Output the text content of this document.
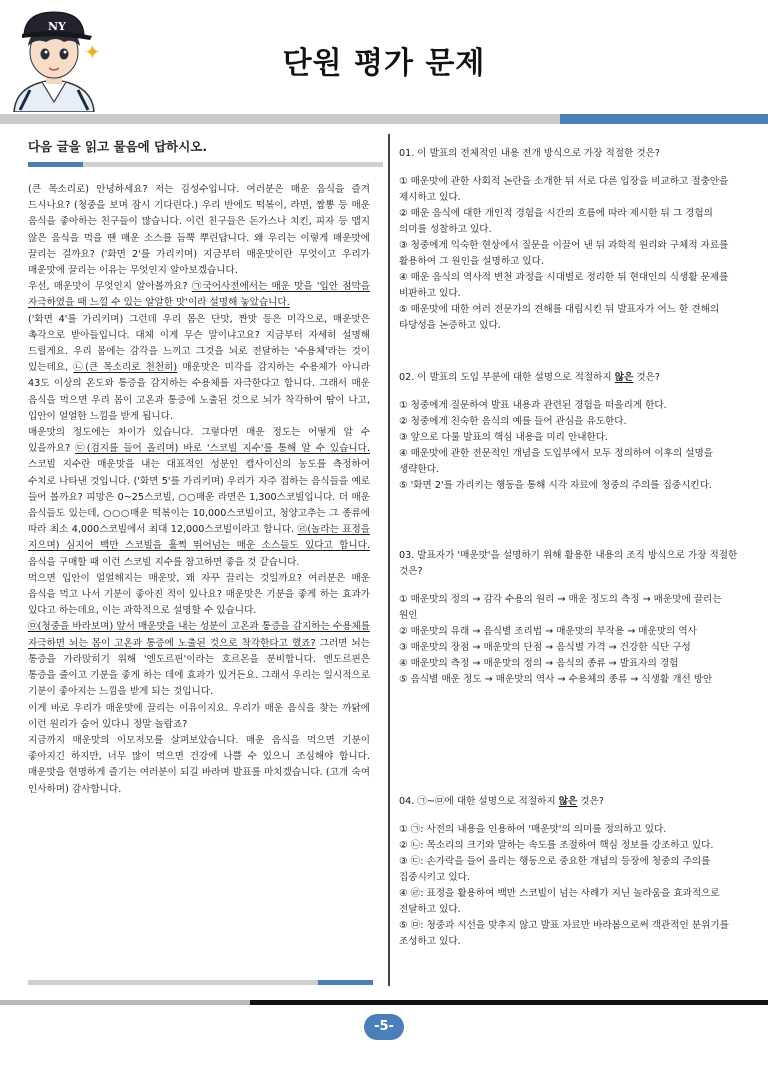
NY
✦	단원 평가 문제
다음 글을 읽고 물음에 답하시오.

(큰 목소리로) 안녕하세요? 저는 김성수입니다. 여러분은 매운 음식을 즐겨 드시나요? (청중을 보며 잠시 기다린다.) 우리 반에도 떡볶이, 라면, 짬뽕 등 매운 음식을 좋아하는 친구들이 많습니다. 이런 친구들은 돈가스나 치킨, 피자 등 맵지 않은 음식을 먹을 땐 매운 소스를 듬뿍 뿌린답니다. 왜 우리는 이렇게 매운맛에 끌리는 걸까요? ('화면 2'를 가리키며) 지금부터 매운맛이란 무엇이고 우리가 매운맛에 끌리는 이유는 무엇인지 알아보겠습니다.

우선, 매운맛이 무엇인지 알아볼까요? ㉠국어사전에서는 매운 맛을 '입안 점막을 자극하였을 때 느낄 수 있는 알알한 맛'이라 설명해 놓았습니다.

('화면 4'를 가리키며) 그런데 우리 몸은 단맛, 짠맛 등은 미각으로, 매운맛은 촉각으로 받아들입니다. 대체 이게 무슨 말이냐고요? 지금부터 자세히 설명해 드릴게요. 우리 몸에는 감각을 느끼고 그것을 뇌로 전달하는 '수용체'라는 것이 있는데요, ㉡(큰 목소리로 천천히) 매운맛은 미각을 감지하는 수용체가 아니라 43도 이상의 온도와 통증을 감지하는 수용체를 자극한다고 합니다. 그래서 매운 음식을 먹으면 우리 몸이 고온과 통증에 노출된 것으로 뇌가 착각하여 땀이 나고, 입안이 얼얼한 느낌을 받게 됩니다.

매운맛의 정도에는 차이가 있습니다. 그렇다면 매운 정도는 어떻게 알 수 있을까요? ㉢(검지를 들어 올리며) 바로 '스코빌 지수'를 통해 알 수 있습니다. 스코빌 지수란 매운맛을 내는 대표적인 성분인 캡사이신의 농도를 측정하여 수치로 나타낸 것입니다. ('화면 5'를 가리키며) 우리가 자주 접하는 음식들을 예로 들어 볼까요? 피망은 0~25스코빌, ○○매운 라면은 1,300스코빌입니다. 더 매운 음식들도 있는데, ○○○매운 떡볶이는 10,000스코빌이고, 청양고추는 그 종류에 따라 최소 4,000스코빌에서 최대 12,000스코빌이라고 합니다. ㉣(놀라는 표정을 지으며) 심지어 백만 스코빌을 훌쩍 뛰어넘는 매운 소스들도 있다고 합니다. 음식을 구매할 때 이런 스코빌 지수를 참고하면 좋을 것 같습니다.

먹으면 입안이 얼얼해지는 매운맛, 왜 자꾸 끌리는 것일까요? 여러분은 매운 음식을 먹고 나서 기분이 좋아진 적이 있나요? 매운맛은 기분을 좋게 하는 효과가 있다고 하는데요, 이는 과학적으로 설명할 수 있습니다.

㉤(청중을 바라보며) 앞서 매운맛을 내는 성분이 고온과 통증을 감지하는 수용체를 자극하면 뇌는 몸이 고온과 통증에 노출된 것으로 착각한다고 했죠? 그러면 뇌는 통증을 가라앉히기 위해 '엔도르핀'이라는 호르몬을 분비합니다. 엔도르핀은 통증을 줄이고 기분을 좋게 하는 데에 효과가 있거든요. 그래서 우리는 일시적으로 기분이 좋아지는 느낌을 받게 되는 것입니다.

이게 바로 우리가 매운맛에 끌리는 이유이지요. 우리가 매운 음식을 찾는 까닭에 이런 원리가 숨어 있다니 정말 놀랍죠?

지금까지 매운맛의 이모저모를 살펴보았습니다. 매운 음식을 먹으면 기분이 좋아지긴 하지만, 너무 많이 먹으면 건강에 나쁠 수 있으니 조심해야 합니다. 매운맛을 현명하게 즐기는 여러분이 되길 바라며 발표를 마치겠습니다. (고개 숙여 인사하며) 감사합니다.

01. 이 발표의 전체적인 내용 전개 방식으로 가장 적절한 것은?

① 매운맛에 관한 사회적 논란을 소개한 뒤 서로 다른 입장을 비교하고 절충안을 제시하고 있다.

② 매운 음식에 대한 개인적 경험을 시간의 흐름에 따라 제시한 뒤 그 경험의 의미를 성찰하고 있다.

③ 청중에게 익숙한 현상에서 질문을 이끌어 낸 뒤 과학적 원리와 구체적 자료를 활용하여 그 원인을 설명하고 있다.

④ 매운 음식의 역사적 변천 과정을 시대별로 정리한 뒤 현대인의 식생활 문제를 비판하고 있다.

⑤ 매운맛에 대한 여러 전문가의 견해를 대립시킨 뒤 발표자가 어느 한 견해의 타당성을 논증하고 있다.

02. 이 발표의 도입 부분에 대한 설명으로 적절하지 않은 것은?

① 청중에게 질문하여 발표 내용과 관련된 경험을 떠올리게 한다.

② 청중에게 친숙한 음식의 예를 들어 관심을 유도한다.

③ 앞으로 다룰 발표의 핵심 내용을 미리 안내한다.

④ 매운맛에 관한 전문적인 개념을 도입부에서 모두 정의하여 이후의 설명을 생략한다.

⑤ '화면 2'를 가리키는 행동을 통해 시각 자료에 청중의 주의를 집중시킨다.

03. 발표자가 '매운맛'을 설명하기 위해 활용한 내용의 조직 방식으로 가장 적절한 것은?

① 매운맛의 정의 → 감각 수용의 원리 → 매운 정도의 측정 → 매운맛에 끌리는 원인

② 매운맛의 유래 → 음식별 조리법 → 매운맛의 부작용 → 매운맛의 역사

③ 매운맛의 장점 → 매운맛의 단점 → 음식별 가격 → 건강한 식단 구성

④ 매운맛의 측정 → 매운맛의 정의 → 음식의 종류 → 발표자의 경험

⑤ 음식별 매운 정도 → 매운맛의 역사 → 수용체의 종류 → 식생활 개선 방안

04. ㉠~㉤에 대한 설명으로 적절하지 않은 것은?

① ㉠: 사전의 내용을 인용하여 '매운맛'의 의미를 정의하고 있다.

② ㉡: 목소리의 크기와 말하는 속도를 조절하여 핵심 정보를 강조하고 있다.

③ ㉢: 손가락을 들어 올리는 행동으로 중요한 개념의 등장에 청중의 주의를 집중시키고 있다.

④ ㉣: 표정을 활용하여 백만 스코빌이 넘는 사례가 지닌 놀라움을 효과적으로 전달하고 있다.

⑤ ㉤: 청중과 시선을 맞추지 않고 발표 자료만 바라봄으로써 객관적인 분위기를 조성하고 있다.

-5-
